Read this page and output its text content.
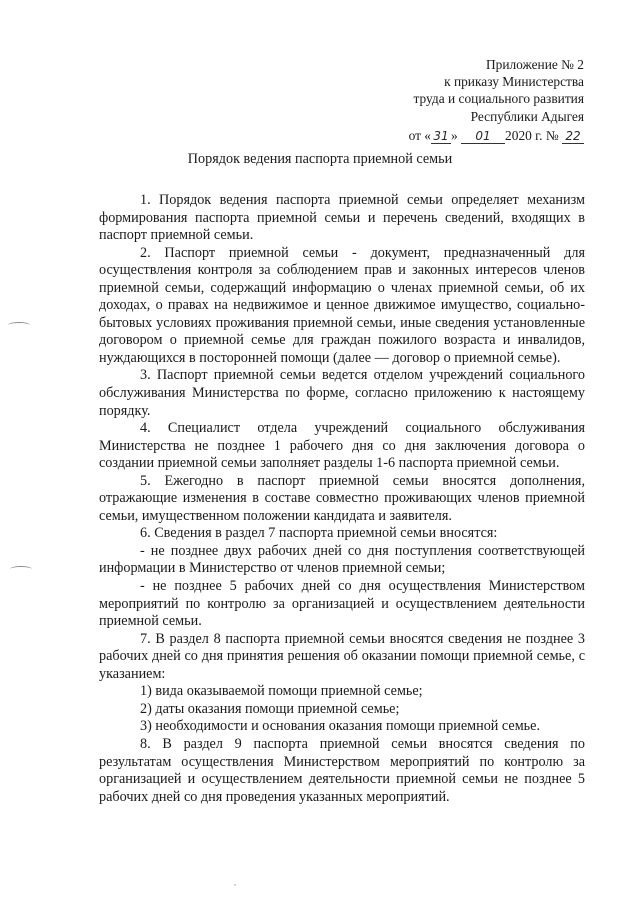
Приложение № 2
к приказу Министерства
труда и социального развития
Республики Адыгея
от « 31 » 01 2020 г. № 22
Порядок ведения паспорта приемной семьи

1. Порядок ведения паспорта приемной семьи определяет механизм формирования паспорта приемной семьи и перечень сведений, входящих в паспорт приемной семьи.

2. Паспорт приемной семьи - документ, предназначенный для осуществления контроля за соблюдением прав и законных интересов членов приемной семьи, содержащий информацию о членах приемной семьи, об их доходах, о правах на недвижимое и ценное движимое имущество, социально-бытовых условиях проживания приемной семьи, иные сведения установленные договором о приемной семье для граждан пожилого возраста и инвалидов, нуждающихся в посторонней помощи (далее — договор о приемной семье).

3. Паспорт приемной семьи ведется отделом учреждений социального обслуживания Министерства по форме, согласно приложению к настоящему порядку.

4. Специалист отдела учреждений социального обслуживания Министерства не позднее 1 рабочего дня со дня заключения договора о создании приемной семьи заполняет разделы 1-6 паспорта приемной семьи.

5. Ежегодно в паспорт приемной семьи вносятся дополнения, отражающие изменения в составе совместно проживающих членов приемной семьи, имущественном положении кандидата и заявителя.

6. Сведения в раздел 7 паспорта приемной семьи вносятся:

- не позднее двух рабочих дней со дня поступления соответствующей информации в Министерство от членов приемной семьи;

- не позднее 5 рабочих дней со дня осуществления Министерством мероприятий по контролю за организацией и осуществлением деятельности приемной семьи.

7. В раздел 8 паспорта приемной семьи вносятся сведения не позднее 3 рабочих дней со дня принятия решения об оказании помощи приемной семье, с указанием:

1) вида оказываемой помощи приемной семье;

2) даты оказания помощи приемной семье;

3) необходимости и основания оказания помощи приемной семье.

8. В раздел 9 паспорта приемной семьи вносятся сведения по результатам осуществления Министерством мероприятий по контролю за организацией и осуществлением деятельности приемной семьи не позднее 5 рабочих дней со дня проведения указанных мероприятий.
